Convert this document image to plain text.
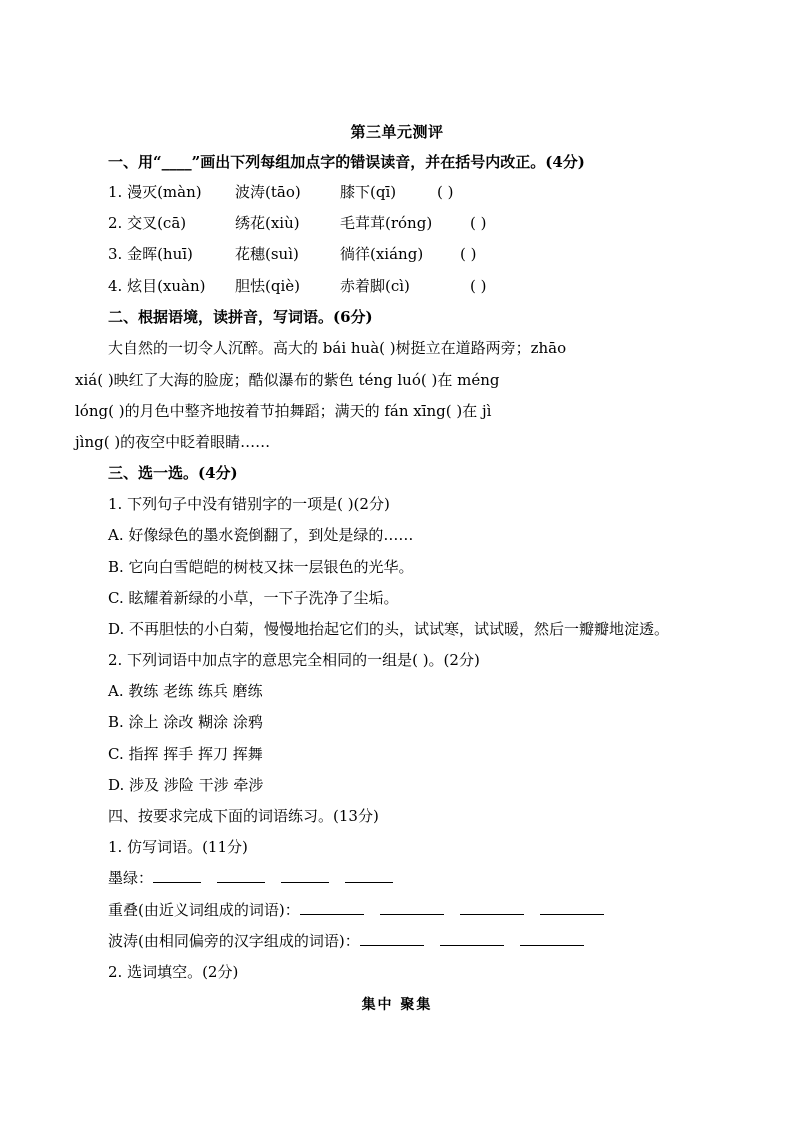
第三单元测评
一、用“____”画出下列每组加点字的错误读音，并在括号内改正。(4分)
1. 漫灭(màn) 波涛(tāo)	膝下(qī)	( )
2. 交叉(cā)	绣花(xiù)	毛茸茸(róng)	( )
3. 金晖(huī)	花穗(suì)	徜徉(xiáng) ( )
4. 炫目(xuàn) 胆怯(qiè)	赤着脚(cì)	( )
二、根据语境，读拼音，写词语。(6分)
大自然的一切令人沉醉。高大的 bái huà( )树挺立在道路两旁；zhāo
xiá( )映红了大海的脸庞；酷似瀑布的紫色 téng luó( )在 méng
lóng( )的月色中整齐地按着节拍舞蹈；满天的 fán xīng( )在 jì
jìng( )的夜空中眨着眼睛……
三、选一选。(4分)
1. 下列句子中没有错别字的一项是( )(2分)
A. 好像绿色的墨水瓷倒翻了，到处是绿的……
B. 它向白雪皑皑的树枝又抹一层银色的光华。
C. 眩耀着新绿的小草，一下子洗净了尘垢。
D. 不再胆怯的小白菊，慢慢地抬起它们的头，试试寒，试试暖，然后一瓣瓣地淀透。
2. 下列词语中加点字的意思完全相同的一组是( )。(2分)
A. 教练 老练 练兵 磨练
B. 涂上 涂改 糊涂 涂鸦
C. 指挥 挥手 挥刀 挥舞
D. 涉及 涉险 干涉 牵涉
四、按要求完成下面的词语练习。(13分)
1. 仿写词语。(11分)
墨绿：
重叠(由近义词组成的词语)：
波涛(由相同偏旁的汉字组成的词语)：
2. 选词填空。(2分)
集中 聚集
